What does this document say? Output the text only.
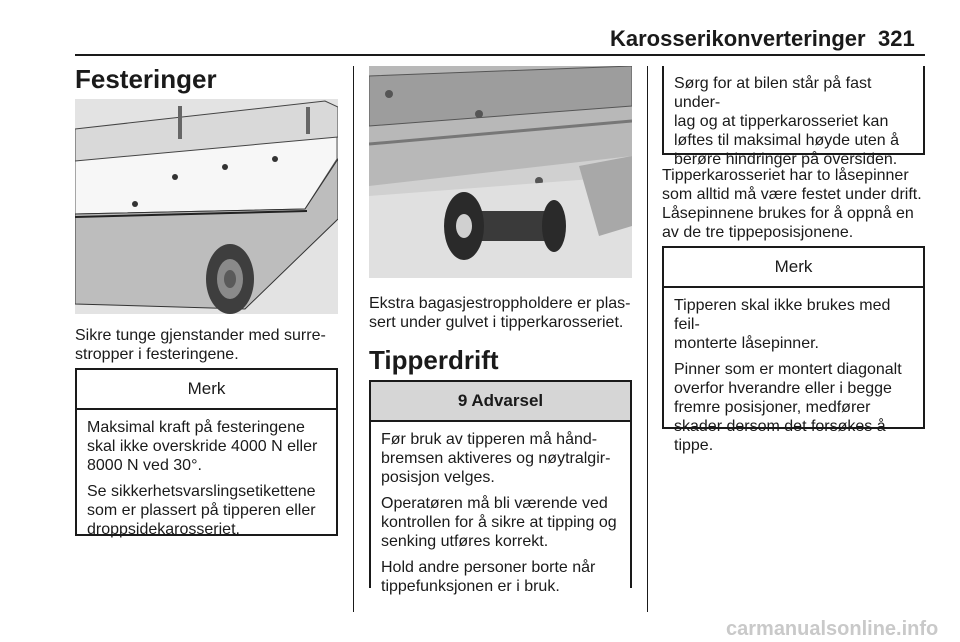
Karosserikonverteringer 321
Festeringer
Sikre tunge gjenstander med surre-
stropper i festeringene.
Merk

Maksimal kraft på festeringene
skal ikke overskride 4000 N eller
8000 N ved 30°.

Se sikkerhetsvarslingsetikettene
som er plassert på tipperen eller
droppsidekarosseriet.

Ekstra bagasjestroppholdere er plas-
sert under gulvet i tipperkarosseriet.
Tipperdrift
9 Advarsel

Før bruk av tipperen må hånd-
bremsen aktiveres og nøytralgir-
posisjon velges.

Operatøren må bli værende ved
kontrollen for å sikre at tipping og
senking utføres korrekt.

Hold andre personer borte når
tippefunksjonen er i bruk.

Sørg for at bilen står på fast under-
lag og at tipperkarosseriet kan
løftes til maksimal høyde uten å
berøre hindringer på oversiden.

Tipperkarosseriet har to låsepinner
som alltid må være festet under drift.
Låsepinnene brukes for å oppnå en
av de tre tippeposisjonene.
Merk

Tipperen skal ikke brukes med feil-
monterte låsepinner.

Pinner som er montert diagonalt
overfor hverandre eller i begge
fremre posisjoner, medfører
skader dersom det forsøkes å
tippe.

carmanualsonline.info
